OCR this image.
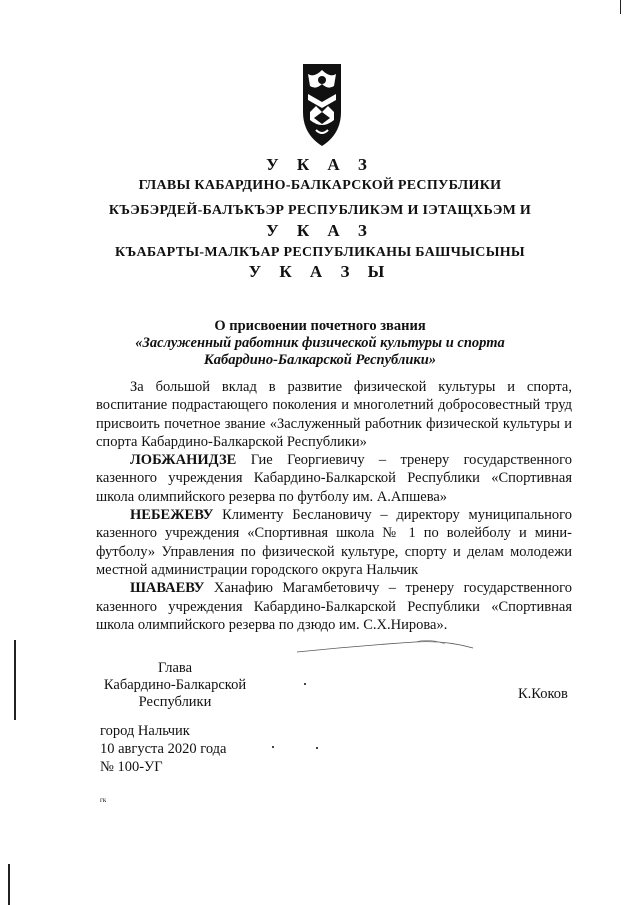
У К А З
ГЛАВЫ КАБАРДИНО-БАЛКАРСКОЙ РЕСПУБЛИКИ
КЪЭБЭРДЕЙ-БАЛЪКЪЭР РЕСПУБЛИКЭМ И ІЭТАЩХЬЭМ И
У К А З
КЪАБАРТЫ-МАЛКЪАР РЕСПУБЛИКАНЫ БАШЧЫСЫНЫ
У К А З Ы
О присвоении почетного звания
«Заслуженный работник физической культуры и спорта
Кабардино-Балкарской Республики»

За большой вклад в развитие физической культуры и спорта, воспитание подрастающего поколения и многолетний добросовестный труд присвоить почетное звание «Заслуженный работник физической культуры и спорта Кабардино-Балкарской Республики»

ЛОБЖАНИДЗЕ Гие Георгиевичу – тренеру государственного казенного учреждения Кабардино-Балкарской Республики «Спортивная школа олимпийского резерва по футболу им. А.Апшева»

НЕБЕЖЕВУ Клименту Беслановичу – директору муниципального казенного учреждения «Спортивная школа № 1 по волейболу и мини-футболу» Управления по физической культуре, спорту и делам молодежи местной администрации городского округа Нальчик

ШАВАЕВУ Ханафию Магамбетовичу – тренеру государственного казенного учреждения Кабардино-Балкарской Республики «Спортивная школа олимпийского резерва по дзюдо им. С.Х.Нирова».

Глава
Кабардино-Балкарской
Республики	К.Коков
город Нальчик
10 августа 2020 года
№ 100-УГ
гк
